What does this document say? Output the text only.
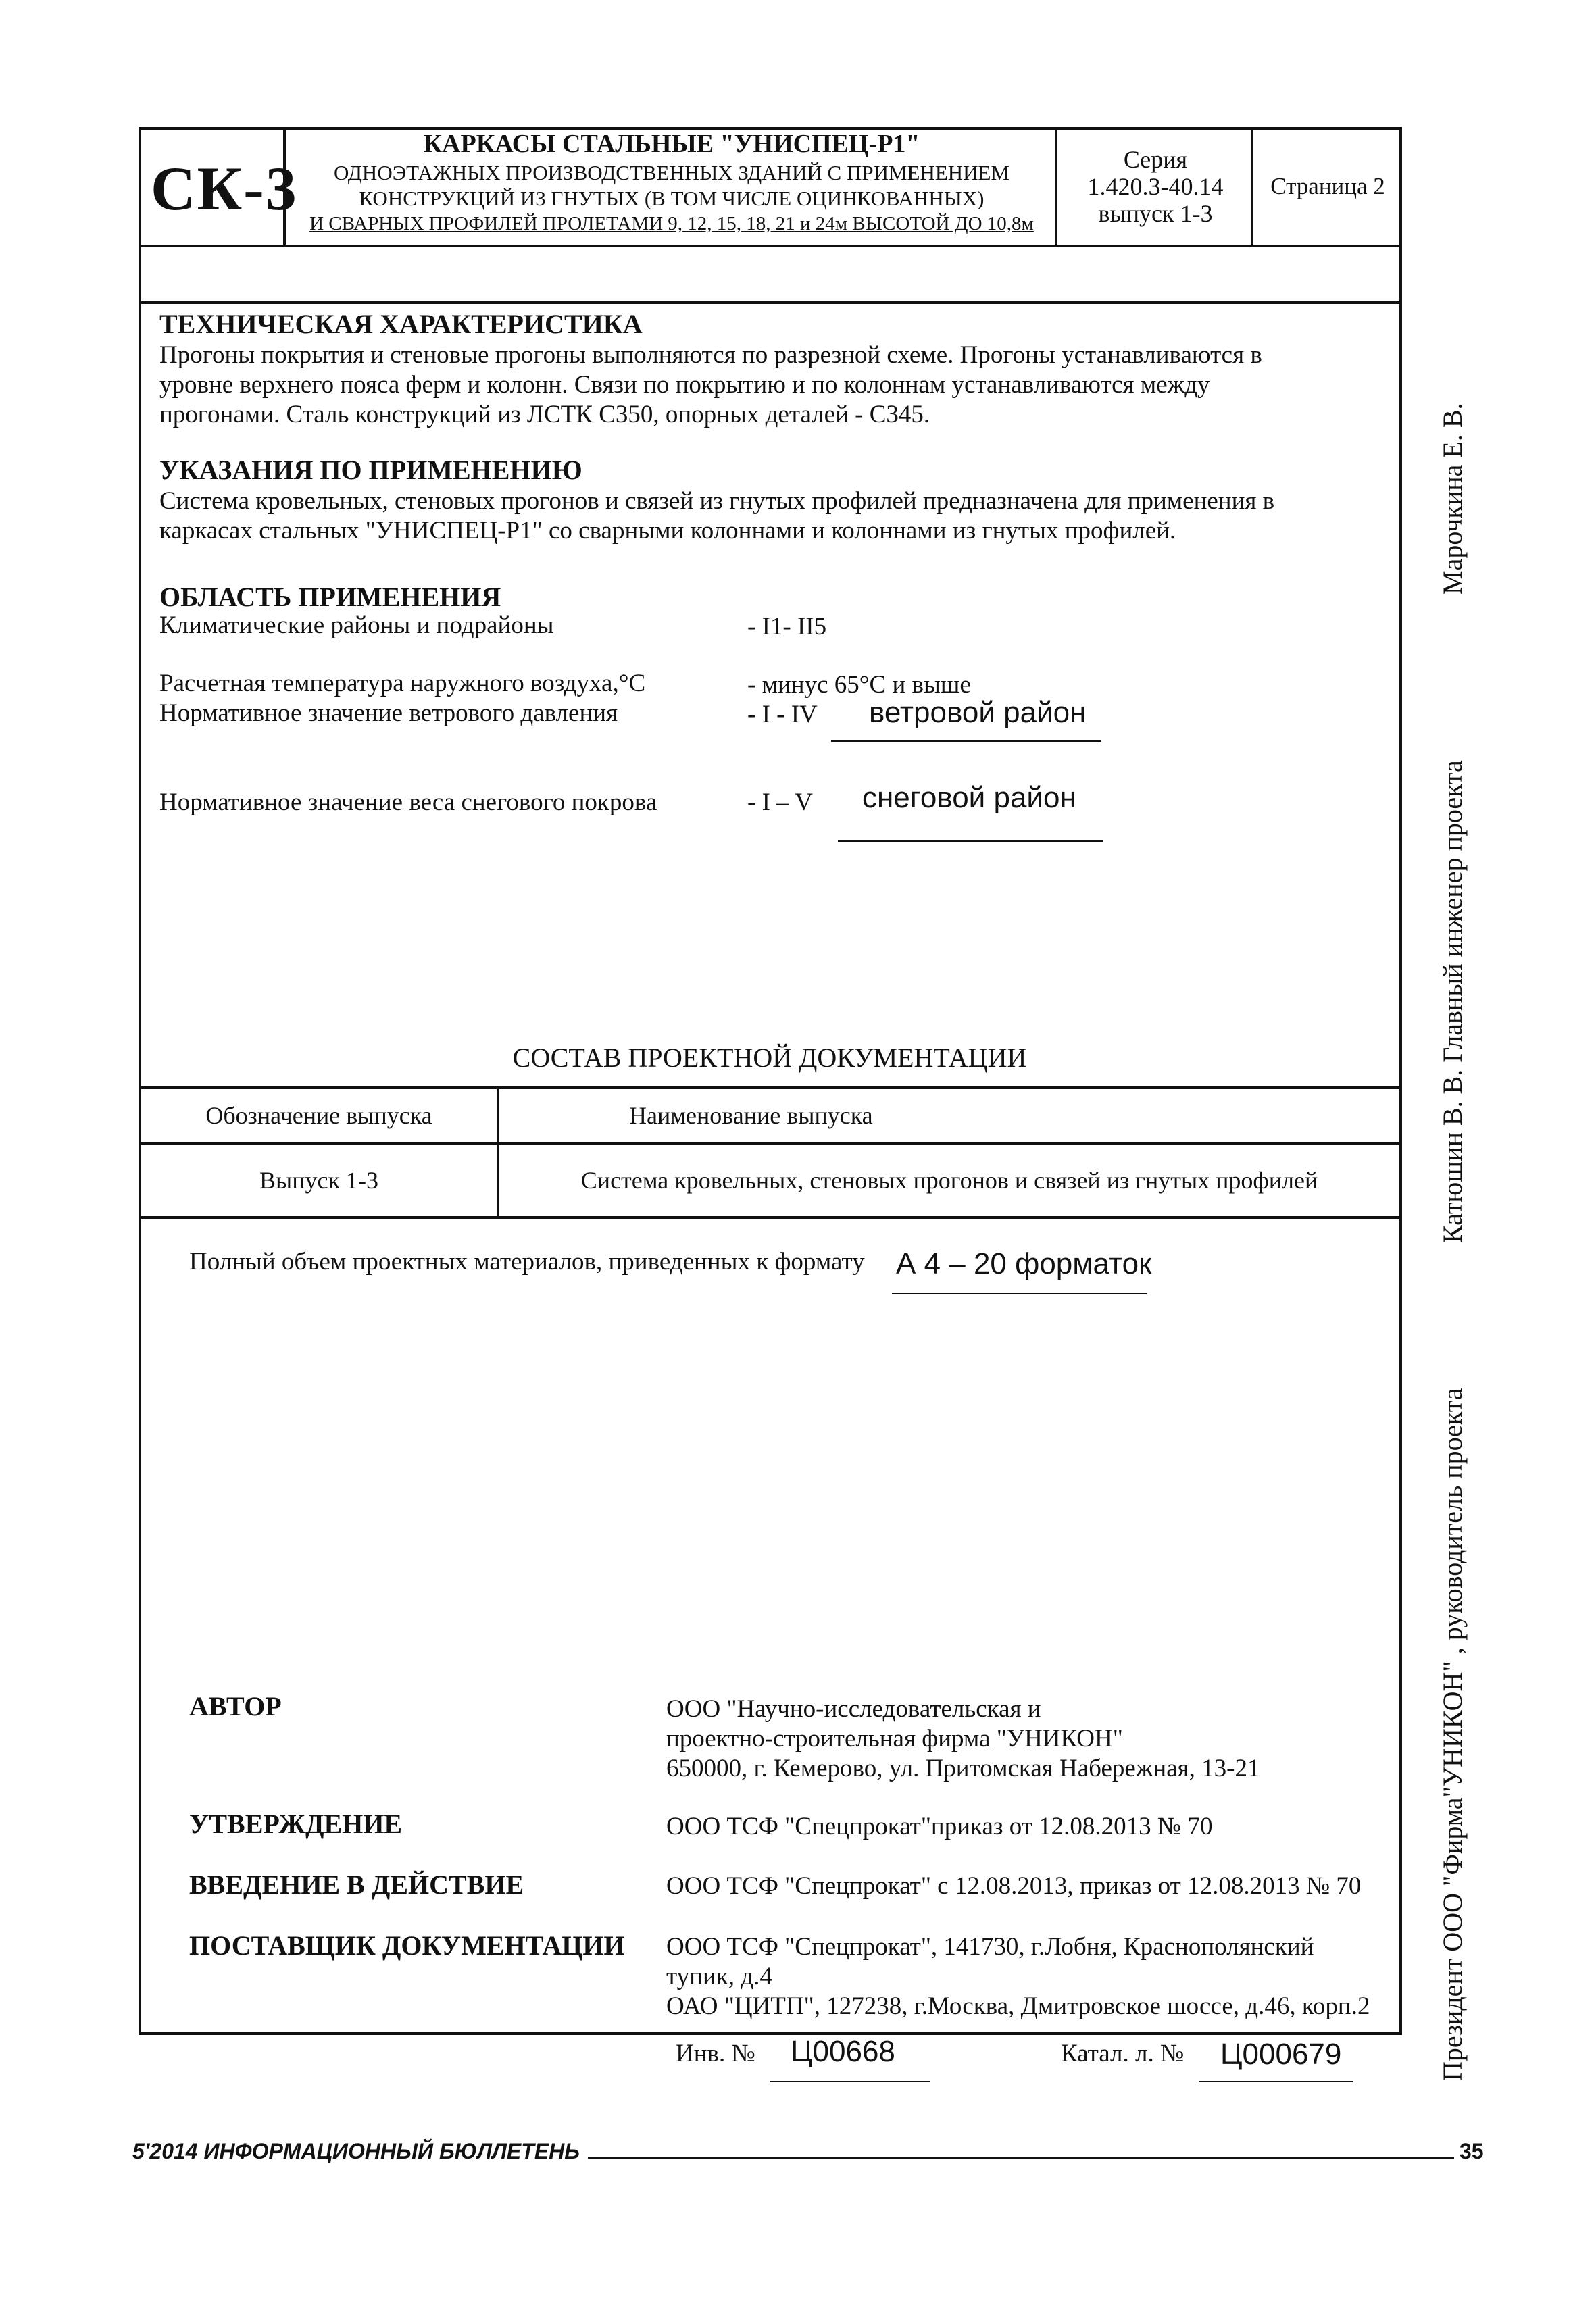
СК-3
КАРКАСЫ СТАЛЬНЫЕ "УНИСПЕЦ-Р1"
ОДНОЭТАЖНЫХ ПРОИЗВОДСТВЕННЫХ ЗДАНИЙ С ПРИМЕНЕНИЕМ
КОНСТРУКЦИЙ ИЗ ГНУТЫХ (В ТОМ ЧИСЛЕ ОЦИНКОВАННЫХ)
И СВАРНЫХ ПРОФИЛЕЙ ПРОЛЕТАМИ 9, 12, 15, 18, 21 и 24м ВЫСОТОЙ ДО 10,8м
Серия
1.420.3-40.14
выпуск 1-3
Страница 2
ТЕХНИЧЕСКАЯ ХАРАКТЕРИСТИКА
Прогоны покрытия и стеновые прогоны выполняются по разрезной схеме. Прогоны устанавливаются в
уровне верхнего пояса ферм и колонн. Связи по покрытию и по колоннам устанавливаются между
прогонами. Сталь конструкций из ЛСТК С350, опорных деталей - С345.
УКАЗАНИЯ ПО ПРИМЕНЕНИЮ
Система кровельных, стеновых прогонов и связей из гнутых профилей предназначена для применения в
каркасах стальных "УНИСПЕЦ-Р1" со сварными колоннами и колоннами из гнутых профилей.
ОБЛАСТЬ ПРИМЕНЕНИЯ
Климатические районы и подрайоны	- I1- II5
Расчетная температура наружного воздуха,°С	- минус 65°С и выше
Нормативное значение ветрового давления	- I - IV ветровой район
Нормативное значение веса снегового покрова	- I – V снеговой район
СОСТАВ ПРОЕКТНОЙ ДОКУМЕНТАЦИИ
Обозначение выпуска	Наименование выпуска
Выпуск 1-3	Система кровельных, стеновых прогонов и связей из гнутых профилей
Полный объем проектных материалов, приведенных к формату А 4 – 20 форматок
АВТОР	ООО "Научно-исследовательская и
проектно-строительная фирма "УНИКОН"
650000, г. Кемерово, ул. Притомская Набережная, 13-21
УТВЕРЖДЕНИЕ	ООО ТСФ "Спецпрокат"приказ от 12.08.2013 № 70
ВВЕДЕНИЕ В ДЕЙСТВИЕ	ООО ТСФ "Спецпрокат" с 12.08.2013, приказ от 12.08.2013 № 70
ПОСТАВЩИК ДОКУМЕНТАЦИИ ООО ТСФ "Спецпрокат", 141730, г.Лобня, Краснополянский
тупик, д.4
ОАО "ЦИТП", 127238, г.Москва, Дмитровское шоссе, д.46, корп.2
Инв. № Ц00668	Катал. л. № Ц000679
Марочкина Е. В.
Катюшин В. В. Главный инженер проекта
Президент ООО "Фирма"УНИКОН" , руководитель проекта
5'2014 ИНФОРМАЦИОННЫЙ БЮЛЛЕТЕНЬ	35
